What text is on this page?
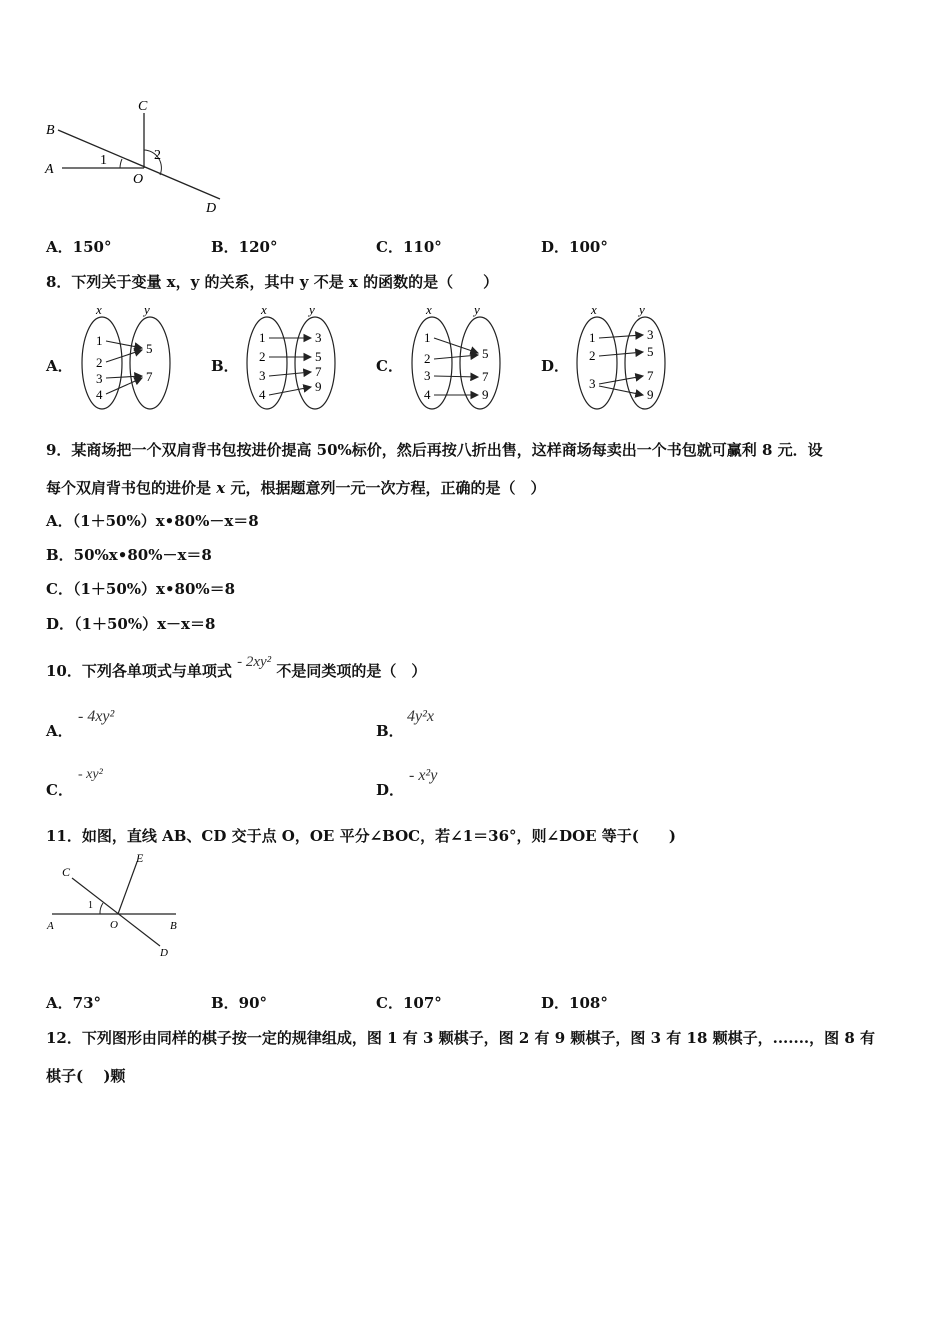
B
C
A
O
D
1	2
A．150°	B．120°	C．110°	D．100°
8．下列关于变量 x，y 的关系，其中 y 不是 x 的函数的是（　　）
A．
x	y
1
2
3
4
5
7
B．
x	y
1
2
3
4
3
5
7
9
C．
x	y
1
2
3
4
5
7
9
D．
x	y
1
2
3
3
5
7
9
9．某商场把一个双肩背书包按进价提高 50%标价，然后再按八折出售，这样商场每卖出一个书包就可赢利 8 元．设
每个双肩背书包的进价是 x 元，根据题意列一元一次方程，正确的是（　）
A．（1＋50%）x•80%－x＝8
B．50%x•80%－x＝8
C．（1＋50%）x•80%＝8
D．（1＋50%）x－x＝8
10．下列各单项式与单项式 - 2xy² 不是同类项的是（　）
A．
- 4xy²
B．
4y²x
C．
- xy²
D．
- x²y
11．如图，直线 AB、CD 交于点 O，OE 平分∠BOC，若∠1＝36°，则∠DOE 等于(　　)
C
E
A	O	B
D
1
A．73°	B．90°	C．107°	D．108°
12．下列图形由同样的棋子按一定的规律组成，图 1 有 3 颗棋子，图 2 有 9 颗棋子，图 3 有 18 颗棋子，.......，图 8 有
棋子(　 )颗
